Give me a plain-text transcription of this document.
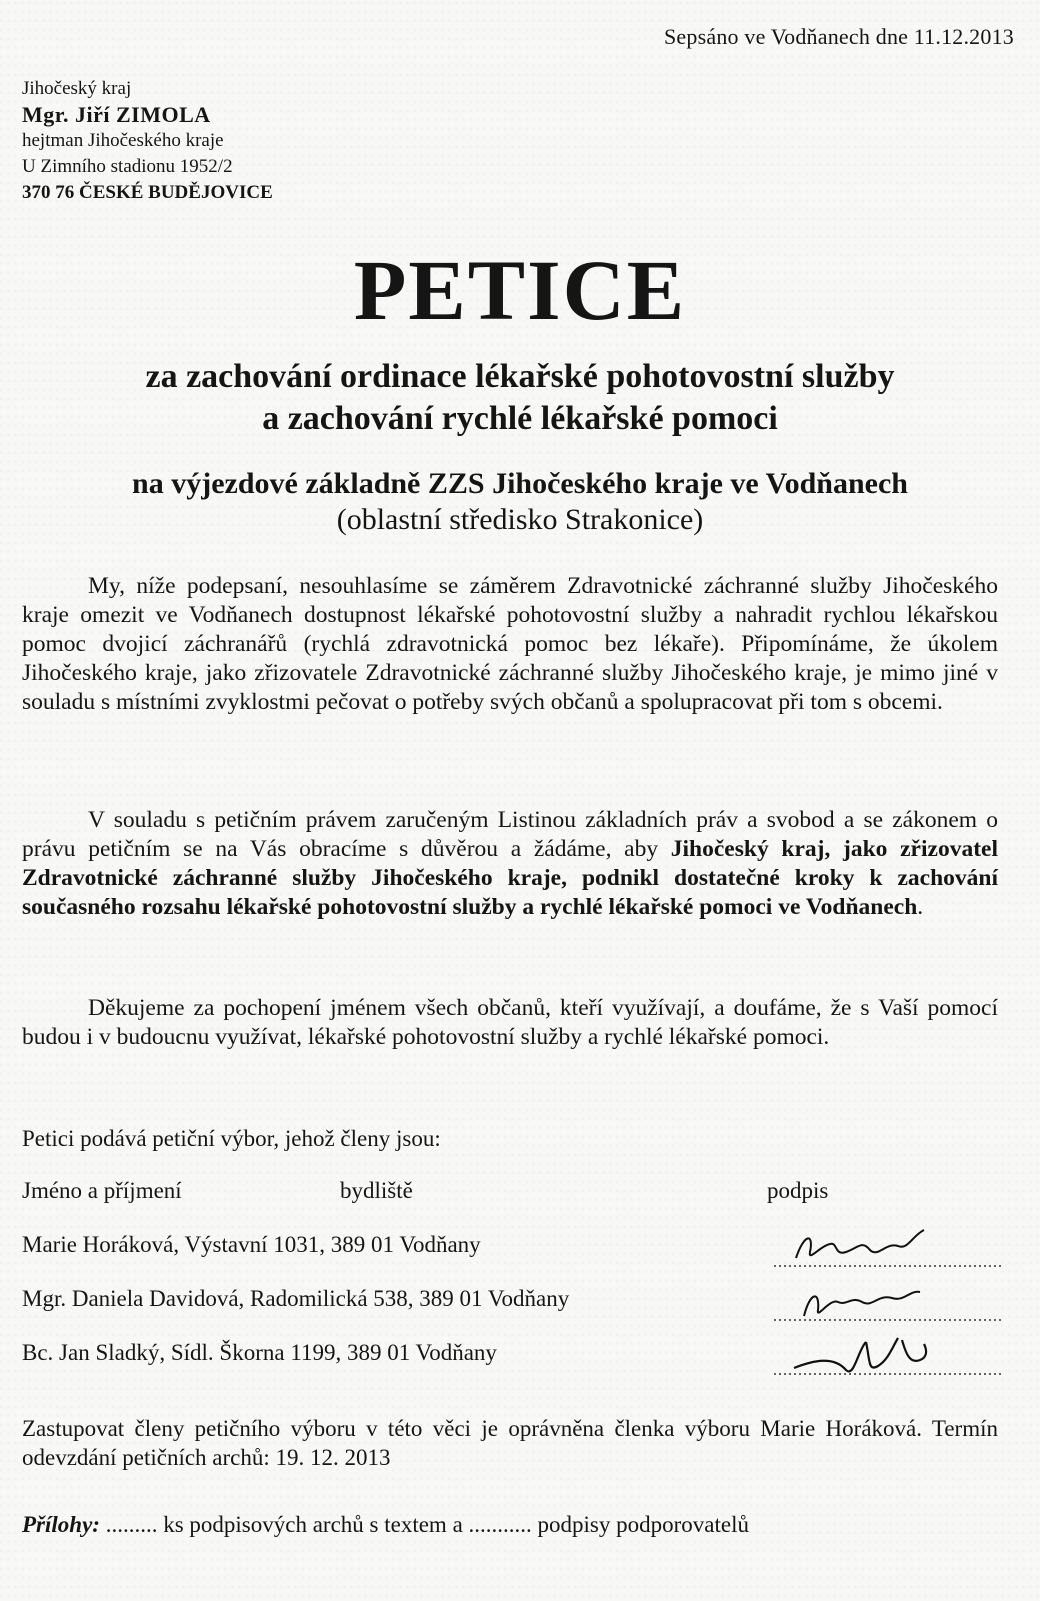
Sepsáno ve Vodňanech dne 11.12.2013
Jihočeský kraj
Mgr. Jiří ZIMOLA
hejtman Jihočeského kraje
U Zimního stadionu 1952/2
370 76 ČESKÉ BUDĚJOVICE
PETICE
za zachování ordinace lékařské pohotovostní služby
a zachování rychlé lékařské pomoci
na výjezdové základně ZZS Jihočeského kraje ve Vodňanech
(oblastní středisko Strakonice)
My, níže podepsaní, nesouhlasíme se záměrem Zdravotnické záchranné služby Jihočeského kraje omezit ve Vodňanech dostupnost lékařské pohotovostní služby a nahradit rychlou lékařskou pomoc dvojicí záchranářů (rychlá zdravotnická pomoc bez lékaře). Připomínáme, že úkolem Jihočeského kraje, jako zřizovatele Zdravotnické záchranné služby Jihočeského kraje, je mimo jiné v souladu s místními zvyklostmi pečovat o potřeby svých občanů a spolupracovat při tom s obcemi.
V souladu s petičním právem zaručeným Listinou základních práv a svobod a se zákonem o právu petičním se na Vás obracíme s důvěrou a žádáme, aby Jihočeský kraj, jako zřizovatel Zdravotnické záchranné služby Jihočeského kraje, podnikl dostatečné kroky k zachování současného rozsahu lékařské pohotovostní služby a rychlé lékařské pomoci ve Vodňanech.
Děkujeme za pochopení jménem všech občanů, kteří využívají, a doufáme, že s Vaší pomocí budou i v budoucnu využívat, lékařské pohotovostní služby a rychlé lékařské pomoci.
Petici podává petiční výbor, jehož členy jsou:
Jméno a příjmení	bydliště	podpis
Marie Horáková, Výstavní 1031, 389 01 Vodňany
Mgr. Daniela Davidová, Radomilická 538, 389 01 Vodňany
Bc. Jan Sladký, Sídl. Škorna 1199, 389 01 Vodňany
Zastupovat členy petičního výboru v této věci je oprávněna členka výboru Marie Horáková. Termín odevzdání petičních archů: 19. 12. 2013
Přílohy: ......... ks podpisových archů s textem a ........... podpisy podporovatelů
